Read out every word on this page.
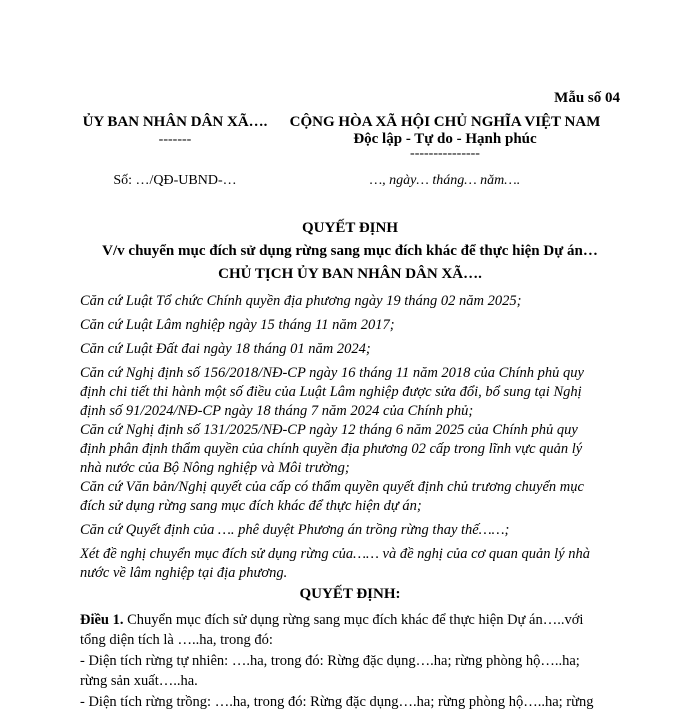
Mẫu số 04
ỦY BAN NHÂN DÂN XÃ….
-------
CỘNG HÒA XÃ HỘI CHỦ NGHĨA VIỆT NAM
Độc lập - Tự do - Hạnh phúc
---------------
Số: …/QĐ-UBND-…	…, ngày… tháng… năm….
QUYẾT ĐỊNH
V/v chuyển mục đích sử dụng rừng sang mục đích khác để thực hiện Dự án…
CHỦ TỊCH ỦY BAN NHÂN DÂN XÃ….
Căn cứ Luật Tổ chức Chính quyền địa phương ngày 19 tháng 02 năm 2025;
Căn cứ Luật Lâm nghiệp ngày 15 tháng 11 năm 2017;
Căn cứ Luật Đất đai ngày 18 tháng 01 năm 2024;
Căn cứ Nghị định số 156/2018/NĐ-CP ngày 16 tháng 11 năm 2018 của Chính phủ quy định chi tiết thi hành một số điều của Luật Lâm nghiệp được sửa đổi, bổ sung tại Nghị định số 91/2024/NĐ-CP ngày 18 tháng 7 năm 2024 của Chính phủ;
Căn cứ Nghị định số 131/2025/NĐ-CP ngày 12 tháng 6 năm 2025 của Chính phủ quy định phân định thẩm quyền của chính quyền địa phương 02 cấp trong lĩnh vực quản lý nhà nước của Bộ Nông nghiệp và Môi trường;
Căn cứ Văn bản/Nghị quyết của cấp có thẩm quyền quyết định chủ trương chuyển mục đích sử dụng rừng sang mục đích khác để thực hiện dự án;
Căn cứ Quyết định của …. phê duyệt Phương án trồng rừng thay thế……;
Xét đề nghị chuyển mục đích sử dụng rừng của…… và đề nghị của cơ quan quản lý nhà nước về lâm nghiệp tại địa phương.
QUYẾT ĐỊNH:
Điều 1. Chuyển mục đích sử dụng rừng sang mục đích khác để thực hiện Dự án…..với tổng diện tích là …..ha, trong đó:
- Diện tích rừng tự nhiên: ….ha, trong đó: Rừng đặc dụng….ha; rừng phòng hộ…..ha; rừng sản xuất…..ha.
- Diện tích rừng trồng: ….ha, trong đó: Rừng đặc dụng….ha; rừng phòng hộ…..ha; rừng
